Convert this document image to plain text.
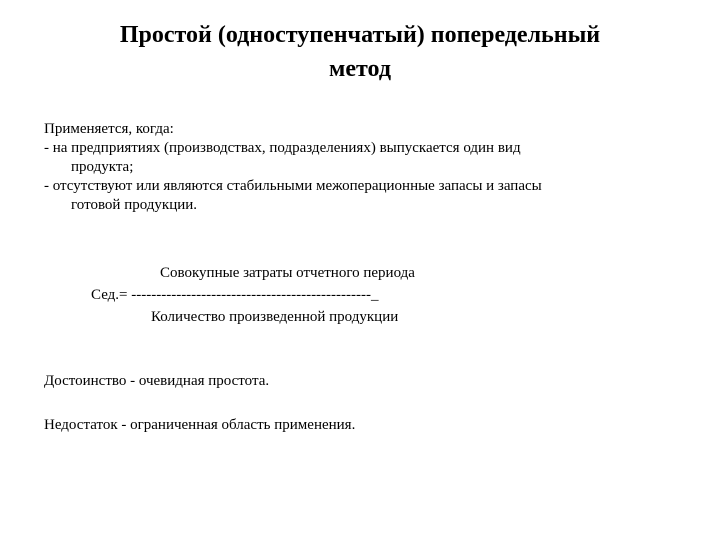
Простой (одноступенчатый) попередельный
метод
Применяется, когда:
- на предприятиях (производствах, подразделениях) выпускается один вид
продукта;
- отсутствуют или являются стабильными межоперационные запасы и запасы
готовой продукции.
Совокупные затраты отчетного периода
Сед.= ------------------------------------------------_
Количество произведенной продукции
Достоинство - очевидная простота.
Недостаток - ограниченная область применения.
